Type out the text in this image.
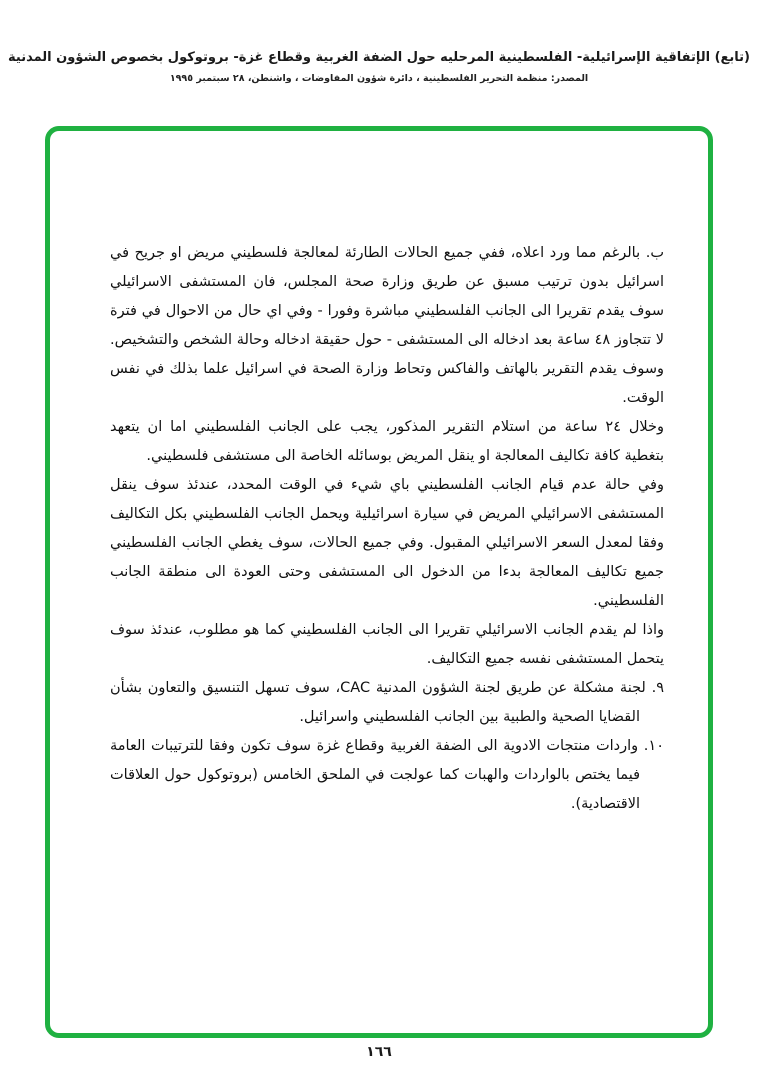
(تابع) الإتفاقية الإسرائيلية- الفلسطينية المرحليه حول الضفة الغربية وقطاع غزة- بروتوكول بخصوص الشؤون المدنية
المصدر: منظمة التحرير الفلسطينية ، دائرة شؤون المفاوضات ، واشنطن، ٢٨ سبتمبر ١٩٩٥

ب. بالرغم مما ورد اعلاه، ففي جميع الحالات الطارئة لمعالجة فلسطيني مريض او جريح في اسرائيل بدون ترتيب مسبق عن طريق وزارة صحة المجلس، فان المستشفى الاسرائيلي سوف يقدم تقريرا الى الجانب الفلسطيني مباشرة وفورا - وفي اي حال من الاحوال في فترة لا تتجاوز ٤٨ ساعة بعد ادخاله الى المستشفى - حول حقيقة ادخاله وحالة الشخص والتشخيص. وسوف يقدم التقرير بالهاتف والفاكس وتحاط وزارة الصحة في اسرائيل علما بذلك في نفس الوقت.

وخلال ٢٤ ساعة من استلام التقرير المذكور، يجب على الجانب الفلسطيني اما ان يتعهد بتغطية كافة تكاليف المعالجة او ينقل المريض بوسائله الخاصة الى مستشفى فلسطيني.

وفي حالة عدم قيام الجانب الفلسطيني باي شيء في الوقت المحدد، عندئذ سوف ينقل المستشفى الاسرائيلي المريض في سيارة اسرائيلية ويحمل الجانب الفلسطيني بكل التكاليف وفقا لمعدل السعر الاسرائيلي المقبول. وفي جميع الحالات، سوف يغطي الجانب الفلسطيني جميع تكاليف المعالجة بدءا من الدخول الى المستشفى وحتى العودة الى منطقة الجانب الفلسطيني.

واذا لم يقدم الجانب الاسرائيلي تقريرا الى الجانب الفلسطيني كما هو مطلوب، عندئذ سوف يتحمل المستشفى نفسه جميع التكاليف.

٩. لجنة مشكلة عن طريق لجنة الشؤون المدنية CAC، سوف تسهل التنسيق والتعاون بشأن القضايا الصحية والطبية بين الجانب الفلسطيني واسرائيل.

١٠. واردات منتجات الادوية الى الضفة الغربية وقطاع غزة سوف تكون وفقا للترتيبات العامة فيما يختص بالواردات والهبات كما عولجت في الملحق الخامس (بروتوكول حول العلاقات الاقتصادية).

١٦٦
